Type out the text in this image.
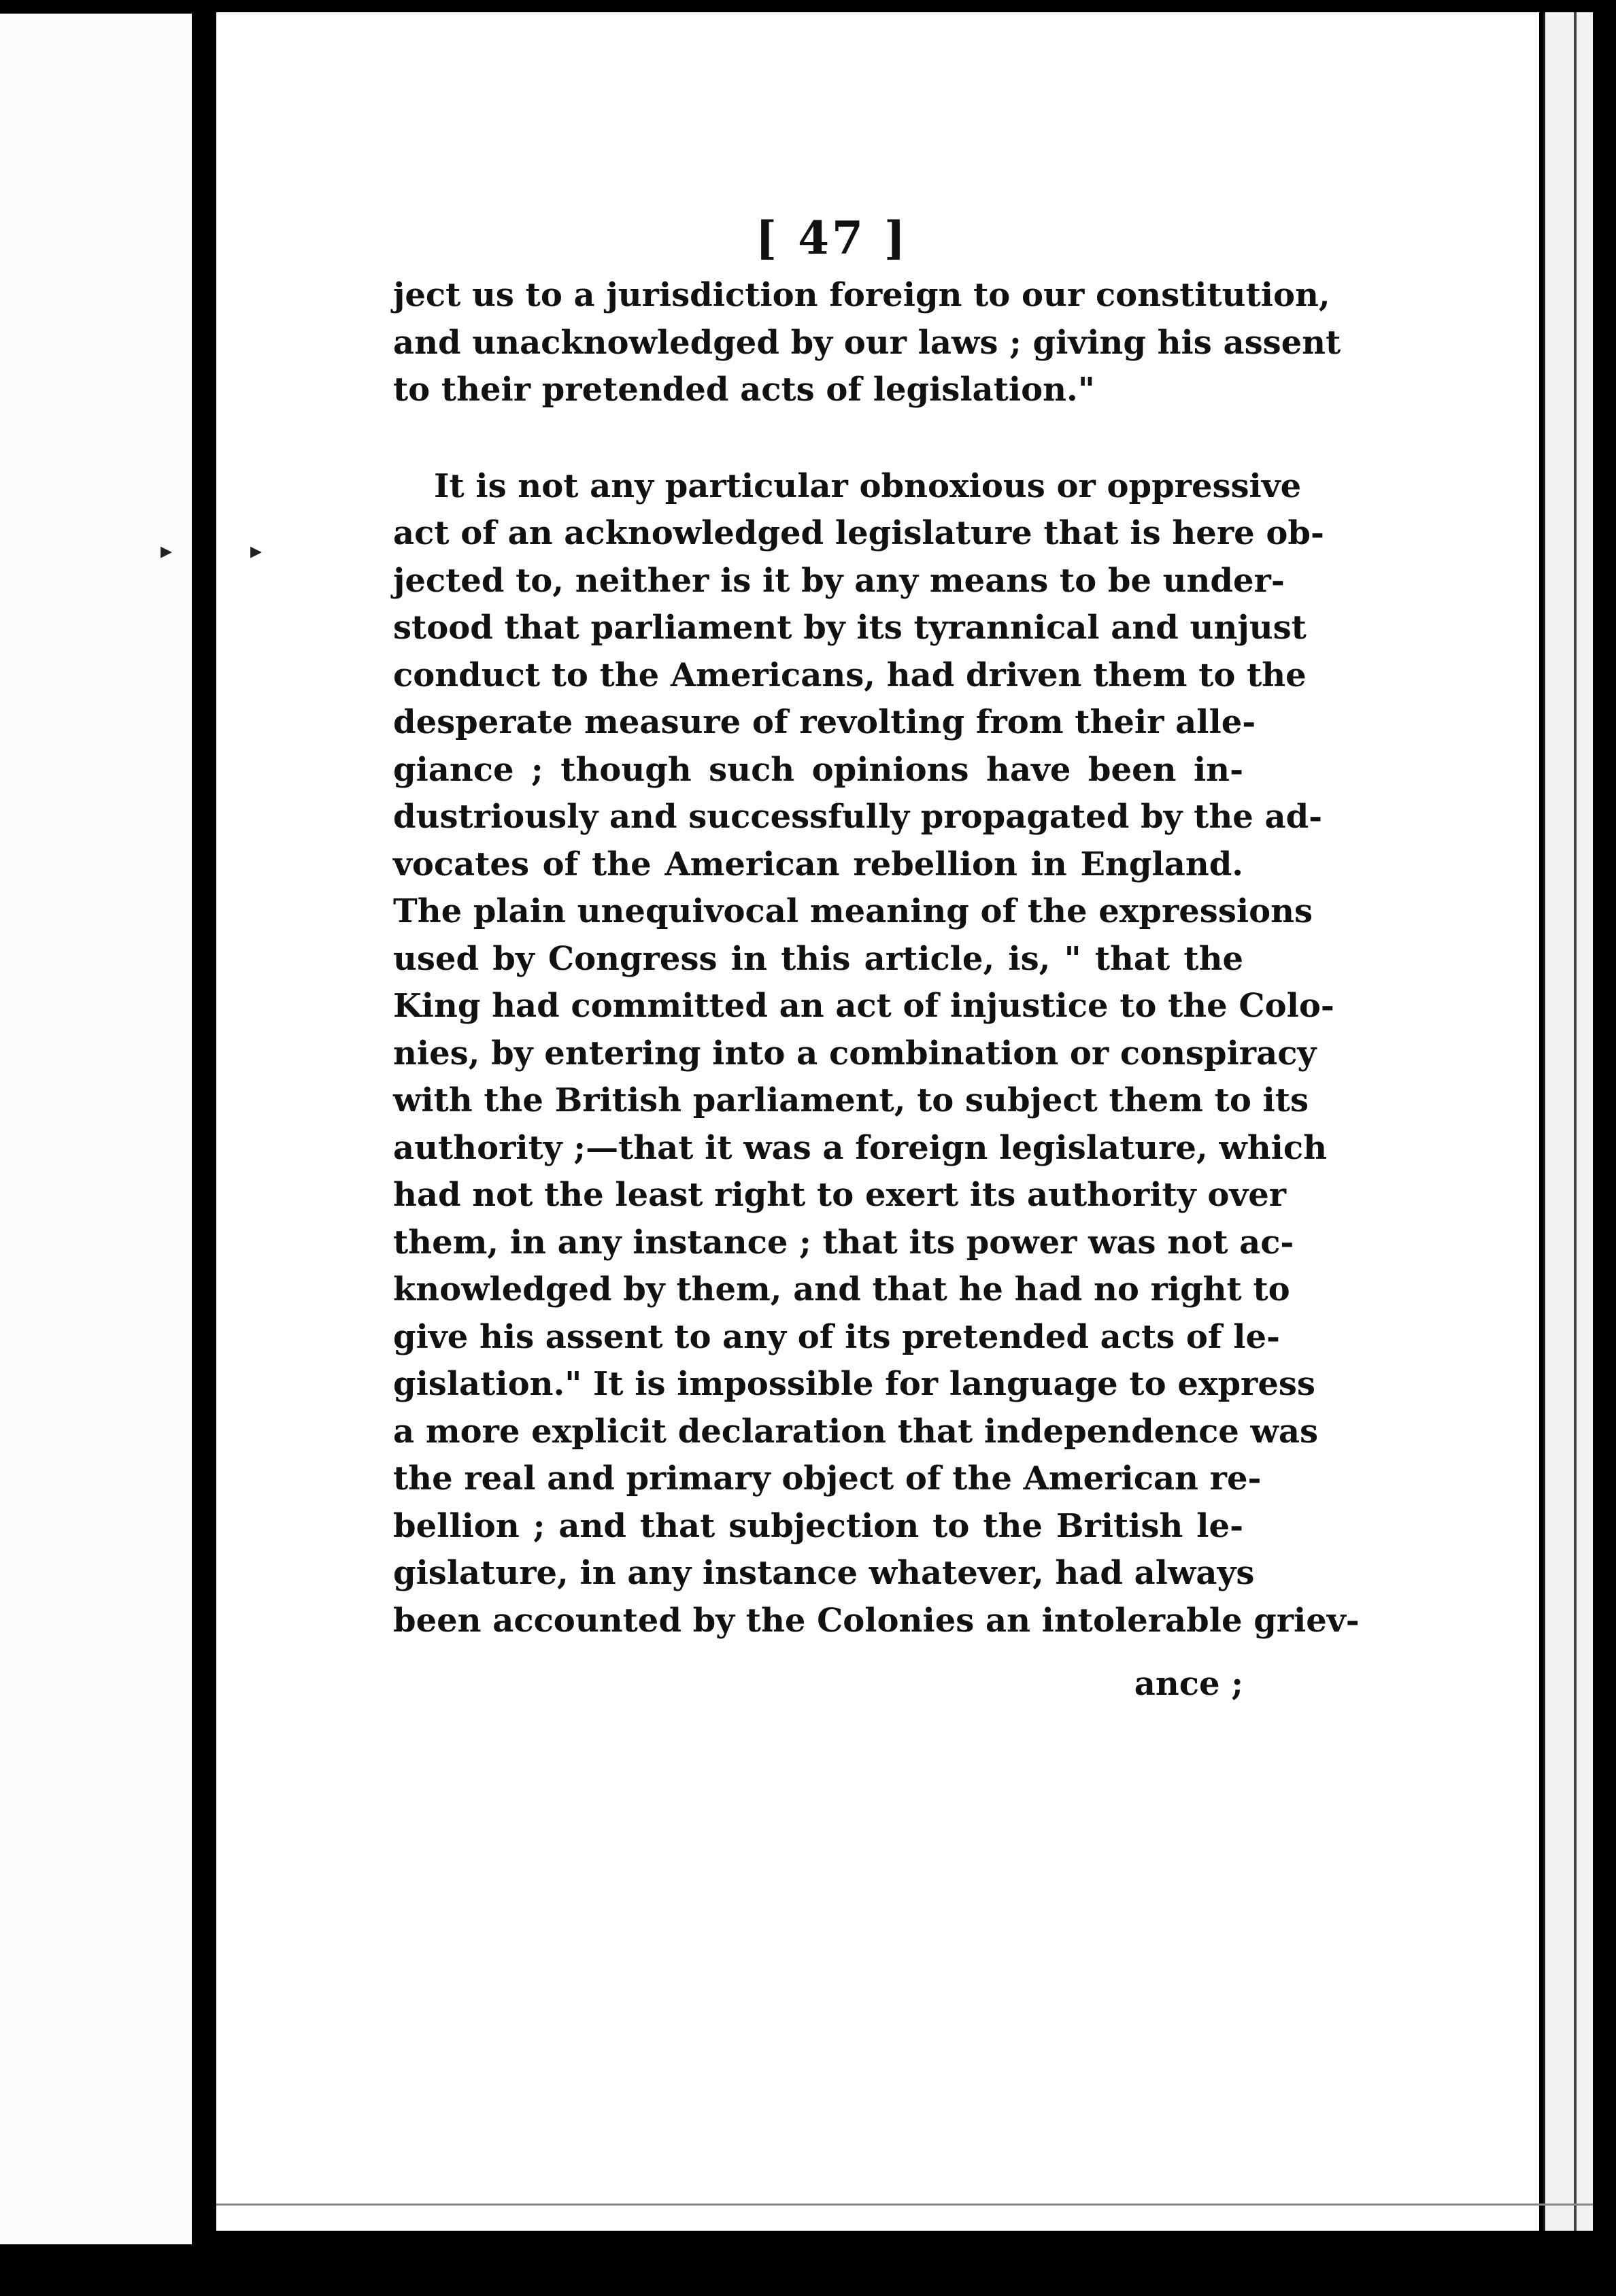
▸	▸
[ 47 ]
ject us to a jurisdiction foreign to our constitution,
and unacknowledged by our laws ; giving his assent
to their pretended acts of legislation."
It is not any particular obnoxious or oppressive
act of an acknowledged legislature that is here ob-
jected to, neither is it by any means to be under-
stood that parliament by its tyrannical and unjust
conduct to the Americans, had driven them to the
desperate measure of revolting from their alle-
giance ; though such opinions have been in-
dustriously and successfully propagated by the ad-
vocates of the American rebellion in England.
The plain unequivocal meaning of the expressions
used by Congress in this article, is, " that the
King had committed an act of injustice to the Colo-
nies, by entering into a combination or conspiracy
with the British parliament, to subject them to its
authority ;—that it was a foreign legislature, which
had not the least right to exert its authority over
them, in any instance ; that its power was not ac-
knowledged by them, and that he had no right to
give his assent to any of its pretended acts of le-
gislation." It is impossible for language to express
a more explicit declaration that independence was
the real and primary object of the American re-
bellion ; and that subjection to the British le-
gislature, in any instance whatever, had always
been accounted by the Colonies an intolerable griev-
ance ;
